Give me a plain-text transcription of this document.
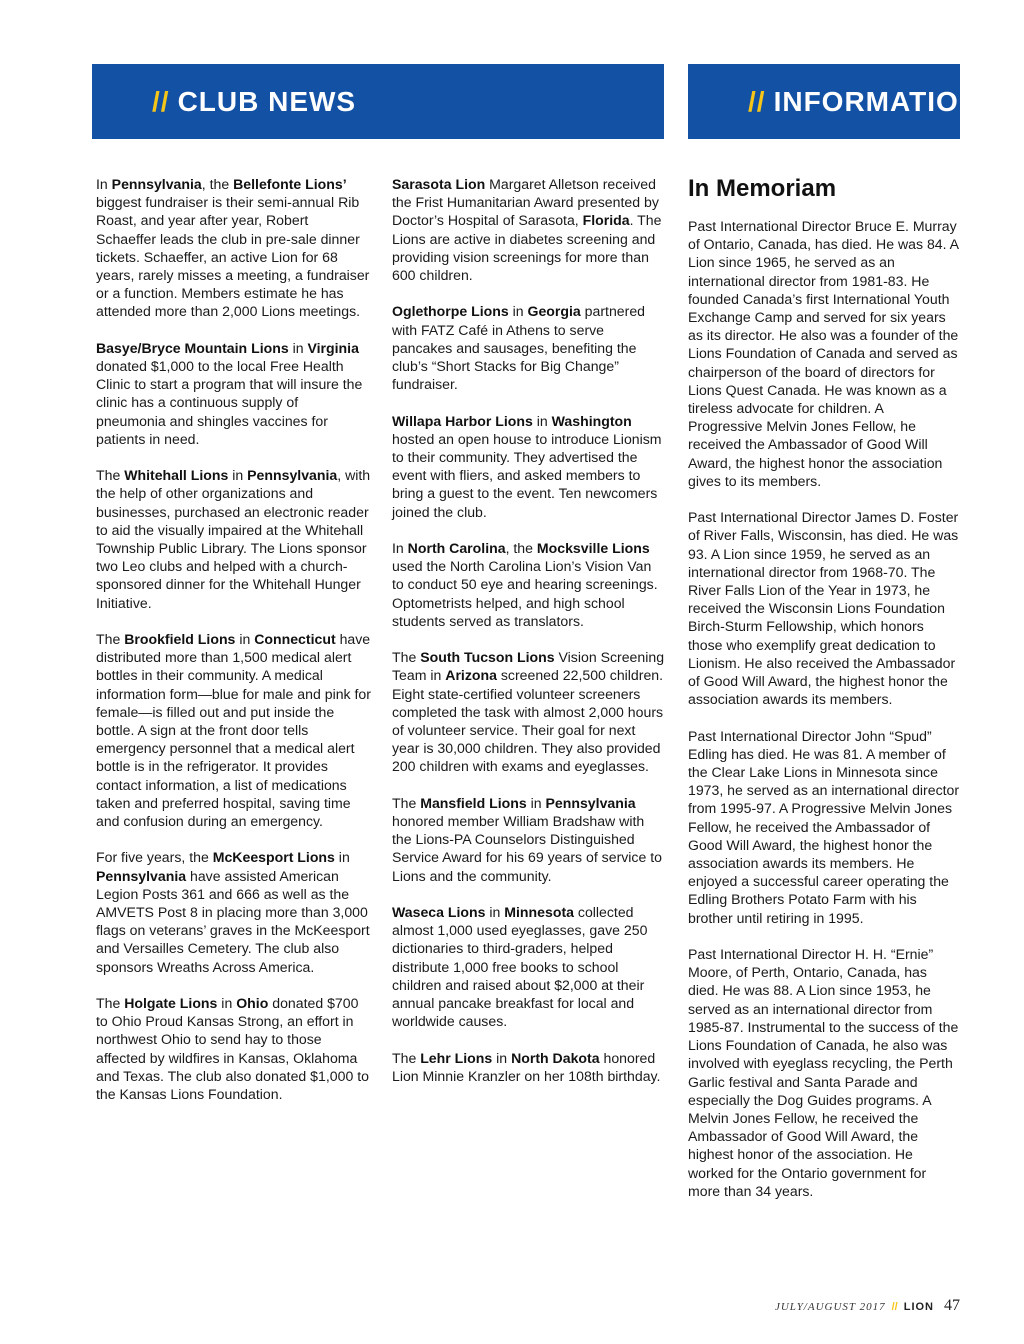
// CLUB NEWS	// INFORMATION

In Pennsylvania, the Bellefonte Lions’ biggest fundraiser is their semi-annual Rib Roast, and year after year, Robert Schaeffer leads the club in pre-sale dinner tickets. Schaeffer, an active Lion for 68 years, rarely misses a meeting, a fundraiser or a function. Members estimate he has attended more than 2,000 Lions meetings.

Basye/Bryce Mountain Lions in Virginia donated $1,000 to the local Free Health Clinic to start a program that will insure the clinic has a continuous supply of pneumonia and shingles vaccines for patients in need.

The Whitehall Lions in Pennsylvania, with the help of other organizations and businesses, purchased an electronic reader to aid the visually impaired at the Whitehall Township Public Library. The Lions sponsor two Leo clubs and helped with a church-sponsored dinner for the Whitehall Hunger Initiative.

The Brookfield Lions in Connecticut have distributed more than 1,500 medical alert bottles in their community. A medical information form—blue for male and pink for female—is filled out and put inside the bottle. A sign at the front door tells emergency personnel that a medical alert bottle is in the refrigerator. It provides contact information, a list of medications taken and preferred hospital, saving time and confusion during an emergency.

For five years, the McKeesport Lions in Pennsylvania have assisted American Legion Posts 361 and 666 as well as the AMVETS Post 8 in placing more than 3,000 flags on veterans’ graves in the McKeesport and Versailles Cemetery. The club also sponsors Wreaths Across America.

The Holgate Lions in Ohio donated $700 to Ohio Proud Kansas Strong, an effort in northwest Ohio to send hay to those affected by wildfires in Kansas, Oklahoma and Texas. The club also donated $1,000 to the Kansas Lions Foundation.

Sarasota Lion Margaret Alletson received the Frist Humanitarian Award presented by Doctor’s Hospital of Sarasota, Florida. The Lions are active in diabetes screening and providing vision screenings for more than 600 children.

Oglethorpe Lions in Georgia partnered with FATZ Café in Athens to serve pancakes and sausages, benefiting the club’s “Short Stacks for Big Change” fundraiser.

Willapa Harbor Lions in Washington hosted an open house to introduce Lionism to their community. They advertised the event with fliers, and asked members to bring a guest to the event. Ten newcomers joined the club.

In North Carolina, the Mocksville Lions used the North Carolina Lion’s Vision Van to conduct 50 eye and hearing screenings. Optometrists helped, and high school students served as translators.

The South Tucson Lions Vision Screening Team in Arizona screened 22,500 children. Eight state-certified volunteer screeners completed the task with almost 2,000 hours of volunteer service. Their goal for next year is 30,000 children. They also provided 200 children with exams and eyeglasses.

The Mansfield Lions in Pennsylvania honored member William Bradshaw with the Lions-PA Counselors Distinguished Service Award for his 69 years of service to Lions and the community.

Waseca Lions in Minnesota collected almost 1,000 used eyeglasses, gave 250 dictionaries to third-graders, helped distribute 1,000 free books to school children and raised about $2,000 at their annual pancake breakfast for local and worldwide causes.

The Lehr Lions in North Dakota honored Lion Minnie Kranzler on her 108th birthday.

In Memoriam

Past International Director Bruce E. Murray of Ontario, Canada, has died. He was 84. A Lion since 1965, he served as an international director from 1981-83. He founded Canada’s first International Youth Exchange Camp and served for six years as its director. He also was a founder of the Lions Foundation of Canada and served as chairperson of the board of directors for Lions Quest Canada. He was known as a tireless advocate for children. A Progressive Melvin Jones Fellow, he received the Ambassador of Good Will Award, the highest honor the association gives to its members.

Past International Director James D. Foster of River Falls, Wisconsin, has died. He was 93. A Lion since 1959, he served as an international director from 1968-70. The River Falls Lion of the Year in 1973, he received the Wisconsin Lions Foundation Birch-Sturm Fellowship, which honors those who exemplify great dedication to Lionism. He also received the Ambassador of Good Will Award, the highest honor the association awards its members.

Past International Director John “Spud” Edling has died. He was 81. A member of the Clear Lake Lions in Minnesota since 1973, he served as an international director from 1995-97. A Progressive Melvin Jones Fellow, he received the Ambassador of Good Will Award, the highest honor the association awards its members. He enjoyed a successful career operating the Edling Brothers Potato Farm with his brother until retiring in 1995.

Past International Director H. H. “Ernie” Moore, of Perth, Ontario, Canada, has died. He was 88. A Lion since 1953, he served as an international director from 1985-87. Instrumental to the success of the Lions Foundation of Canada, he also was involved with eyeglass recycling, the Perth Garlic festival and Santa Parade and especially the Dog Guides programs. A Melvin Jones Fellow, he received the Ambassador of Good Will Award, the highest honor of the association. He worked for the Ontario government for more than 34 years.

JULY/AUGUST 2017 // LION 47
